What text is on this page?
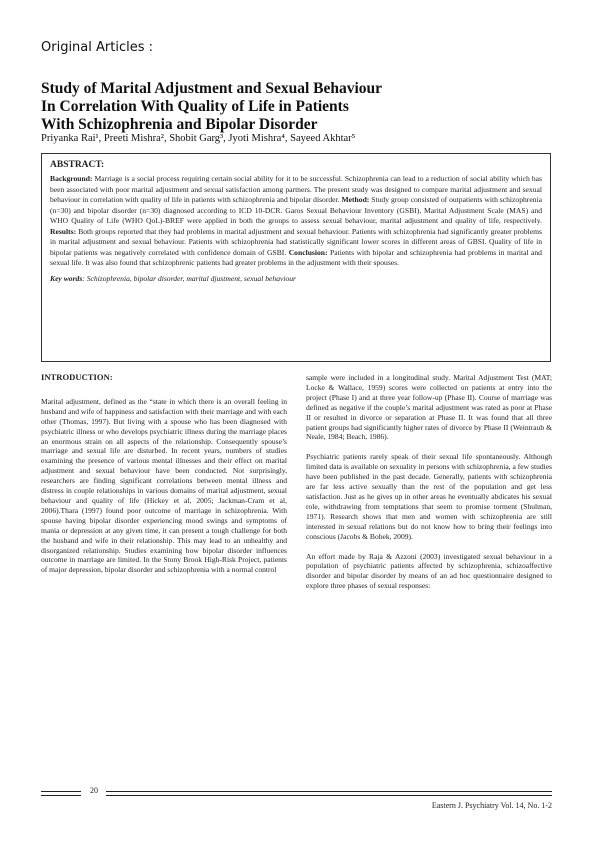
Original Articles :
Study of Marital Adjustment and Sexual Behaviour
In Correlation With Quality of Life in Patients
With Schizophrenia and Bipolar Disorder
Priyanka Rai¹, Preeti Mishra², Shobit Garg³, Jyoti Mishra⁴, Sayeed Akhtar⁵
ABSTRACT:
Background: Marriage is a social process requiring certain social ability for it to be successful. Schizophrenia can lead to a reduction of social ability which has been associated with poor marital adjustment and sexual satisfaction among partners. The present study was designed to compare marital adjustment and sexual behaviour in correlation with quality of life in patients with schizophrenia and bipolar disorder. Method: Study group consisted of outpatients with schizophrenia (n=30) and bipolar disorder (n=30) diagnosed according to ICD 10-DCR. Garos Sexual Behaviour Inventory (GSBI), Marital Adjustment Scale (MAS) and WHO Quality of Life (WHO QoL)-BREF were applied in both the groups to assess sexual behaviour, marital adjustment and quality of life, respectively. Results: Both groups reported that they had problems in marital adjustment and sexual behaviour. Patients with schizophrenia had significantly greater problems in marital adjustment and sexual behaviour. Patients with schizophrenia had statistically significant lower scores in different areas of GBSI. Quality of life in bipolar patients was negatively correlated with confidence domain of GSBI. Conclusion: Patients with bipolar and schizophrenia had problems in marital and sexual life. It was also found that schizophrenic patients had greater problems in the adjustment with their spouses.
Key words: Schizophrenia, bipolar disorder, marital djustment, sexual behaviour
INTRODUCTION:

Marital adjustment, defined as the “state in which there is an overall feeling in husband and wife of happiness and satisfaction with their marriage and with each other (Thomas, 1997). But living with a spouse who has been diagnosed with psychiatric illness or who develops psychiatric illness during the marriage places an enormous strain on all aspects of the relationship. Consequently spouse’s marriage and sexual life are disturbed. In recent years, numbers of studies examining the presence of various mental illnesses and their effect on marital adjustment and sexual behaviour have been conducted. Not surprisingly, researchers are finding significant correlations between mental illness and distress in couple relationships in various domains of marital adjustment, sexual behaviour and quality of life (Hickey et al, 2005; Jackman-Cram et al, 2006).Thara (1997) found poor outcome of marriage in schizophrenia. With spouse having bipolar disorder experiencing mood swings and symptoms of mania or depression at any given time, it can present a tough challenge for both the husband and wife in their relationship. This may lead to an unhealthy and disorganized relationship. Studies examining how bipolar disorder influences outcome in marriage are limited. In the Stony Brook High-Risk Project, patients of major depression, bipolar disorder and schizophrenia with a normal control

sample were included in a longitudinal study. Marital Adjustment Test (MAT; Locke & Wallace, 1959) scores were collected on patients at entry into the project (Phase I) and at three year follow-up (Phase II). Course of marriage was defined as negative if the couple’s marital adjustment was rated as poor at Phase II or resulted in divorce or separation at Phase II. It was found that all three patient groups had significantly higher rates of divorce by Phase II (Weintraub & Neale, 1984; Beach, 1986).

Psychiatric patients rarely speak of their sexual life spontaneously. Although limited data is available on sexuality in persons with schizophrenia, a few studies have been published in the past decade. Generally, patients with schizophrenia are far less active sexually than the rest of the population and get less satisfaction. Just as he gives up in other areas he eventually abdicates his sexual role, withdrawing from temptations that seem to promise torment (Shulman, 1971). Research shows that men and women with schizophrenia are still interested in sexual relations but do not know how to bring their feelings into conscious (Jacobs & Bobek, 2009).

An effort made by Raja & Azzoni (2003) investigated sexual behaviour in a population of psychiatric patients affected by schizophrenia, schizoaffective disorder and bipolar disorder by means of an ad hoc questionnaire designed to explore three phases of sexual responses:

20
Eastern J. Psychiatry Vol. 14, No. 1-2
